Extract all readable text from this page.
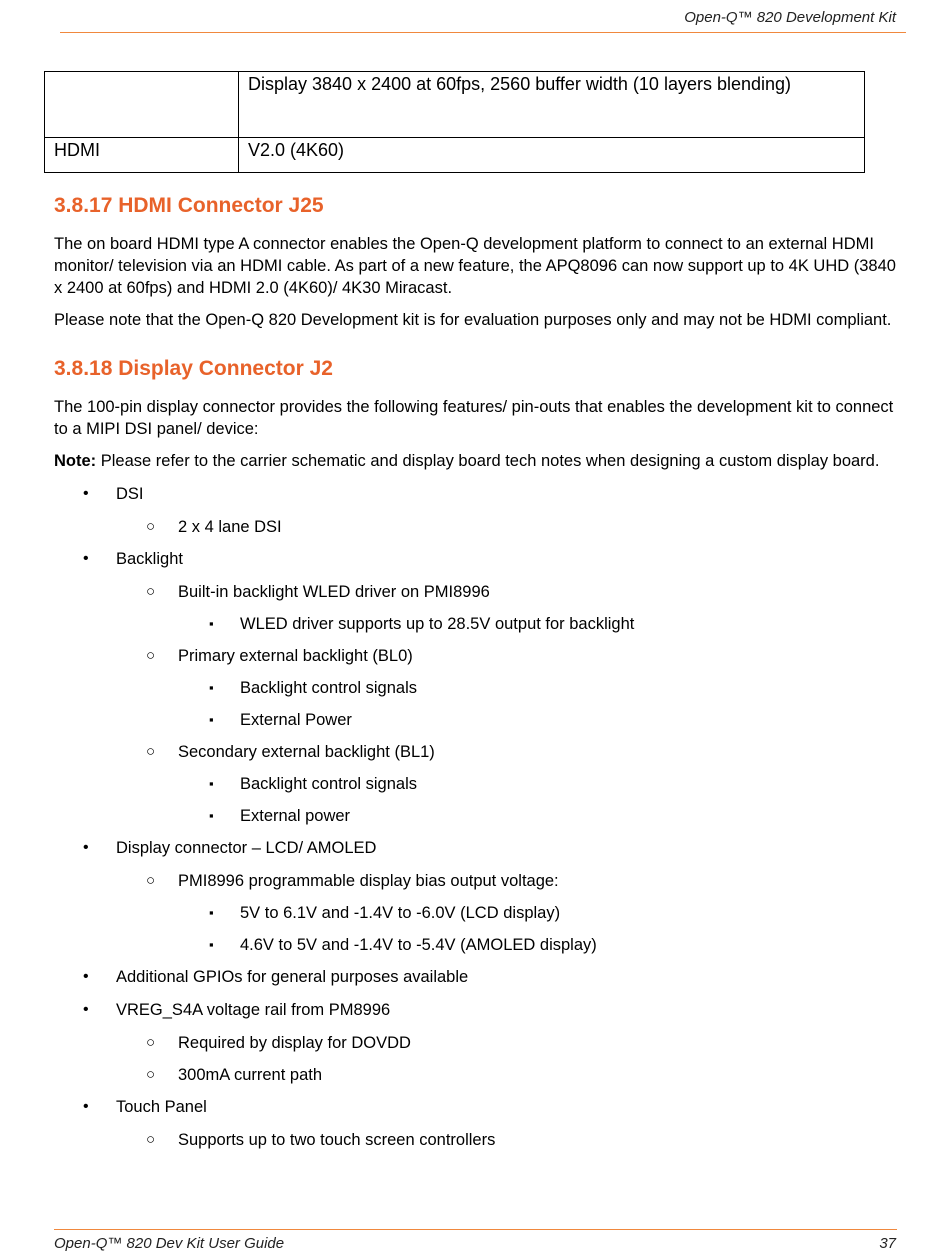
Open-Q™ 820 Development Kit
	Display 3840 x 2400 at 60fps, 2560 buffer width (10 layers blending)
HDMI	V2.0 (4K60)
3.8.17 HDMI Connector J25

The on board HDMI type A connector enables the Open-Q development platform to connect to an external HDMI monitor/ television via an HDMI cable. As part of a new feature, the APQ8096 can now support up to 4K UHD (3840 x 2400 at 60fps) and HDMI 2.0 (4K60)/ 4K30 Miracast.

Please note that the Open-Q 820 Development kit is for evaluation purposes only and may not be HDMI compliant.

3.8.18 Display Connector J2

The 100-pin display connector provides the following features/ pin-outs that enables the development kit to connect to a MIPI DSI panel/ device:

Note: Please refer to the carrier schematic and display board tech notes when designing a custom display board.

• DSI
○ 2 x 4 lane DSI
• Backlight
○ Built-in backlight WLED driver on PMI8996
▪ WLED driver supports up to 28.5V output for backlight
○ Primary external backlight (BL0)
▪ Backlight control signals
▪ External Power
○ Secondary external backlight (BL1)
▪ Backlight control signals
▪ External power
• Display connector – LCD/ AMOLED
○ PMI8996 programmable display bias output voltage:
▪ 5V to 6.1V and -1.4V to -6.0V (LCD display)
▪ 4.6V to 5V and -1.4V to -5.4V (AMOLED display)
• Additional GPIOs for general purposes available
• VREG_S4A voltage rail from PM8996
○ Required by display for DOVDD
○ 300mA current path
• Touch Panel
○ Supports up to two touch screen controllers
Open-Q™ 820 Dev Kit User Guide	37
